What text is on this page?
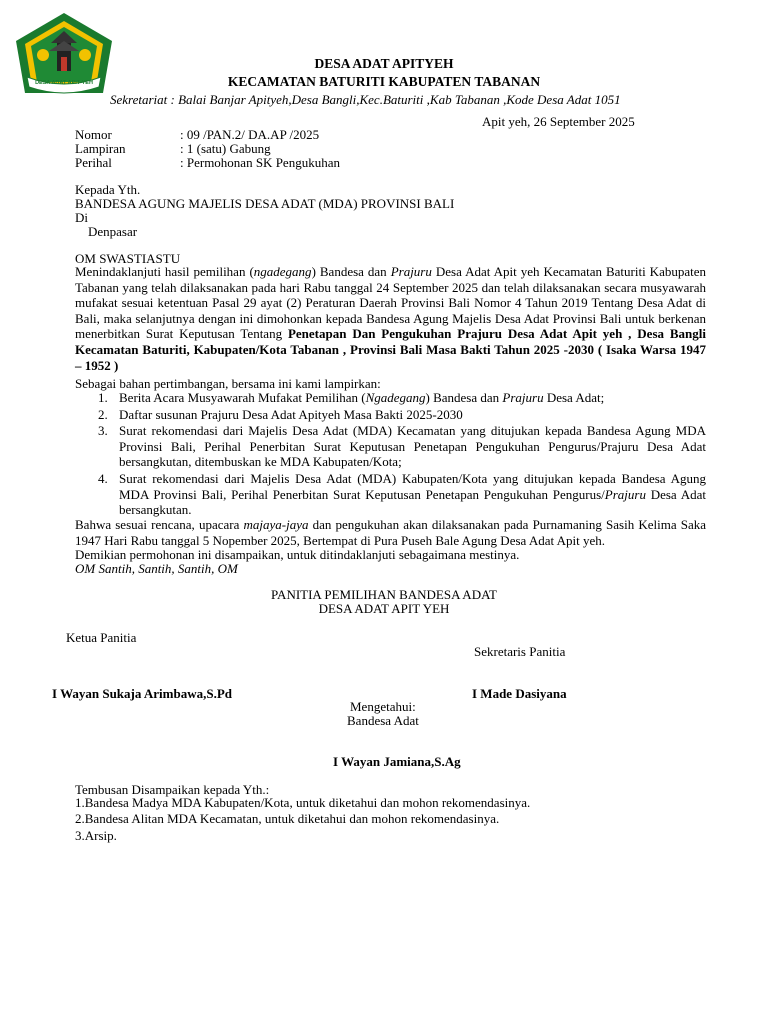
DESA ADAT APIT YEH
DESA ADAT APITYEH
KECAMATAN BATURITI KABUPATEN TABANAN
Sekretariat : Balai Banjar Apityeh,Desa Bangli,Kec.Baturiti ,Kab Tabanan ,Kode Desa Adat 1051
Apit yeh, 26 September 2025
Nomor	: 09 /PAN.2/ DA.AP /2025
Lampiran	: 1 (satu) Gabung
Perihal	: Permohonan SK Pengukuhan
Kepada Yth.
BANDESA AGUNG MAJELIS DESA ADAT (MDA) PROVINSI BALI
Di
Denpasar
OM SWASTIASTU

Menindaklanjuti hasil pemilihan (ngadegang) Bandesa dan Prajuru Desa Adat Apit yeh Kecamatan Baturiti Kabupaten Tabanan yang telah dilaksanakan pada hari Rabu tanggal 24 September 2025 dan telah dilaksanakan secara musyawarah mufakat sesuai ketentuan Pasal 29 ayat (2) Peraturan Daerah Provinsi Bali Nomor 4 Tahun 2019 Tentang Desa Adat di Bali, maka selanjutnya dengan ini dimohonkan kepada Bandesa Agung Majelis Desa Adat Provinsi Bali untuk berkenan menerbitkan Surat Keputusan Tentang Penetapan Dan Pengukuhan Prajuru Desa Adat Apit yeh , Desa Bangli Kecamatan Baturiti, Kabupaten/Kota Tabanan , Provinsi Bali Masa Bakti Tahun 2025 -2030 ( Isaka Warsa 1947 – 1952 )

Sebagai bahan pertimbangan, bersama ini kami lampirkan:
1. Berita Acara Musyawarah Mufakat Pemilihan (Ngadegang) Bandesa dan Prajuru Desa Adat;
2. Daftar susunan Prajuru Desa Adat Apityeh Masa Bakti 2025-2030
3. Surat rekomendasi dari Majelis Desa Adat (MDA) Kecamatan yang ditujukan kepada Bandesa Agung MDA Provinsi Bali, Perihal Penerbitan Surat Keputusan Penetapan Pengukuhan Pengurus/Prajuru Desa Adat bersangkutan, ditembuskan ke MDA Kabupaten/Kota;
4. Surat rekomendasi dari Majelis Desa Adat (MDA) Kabupaten/Kota yang ditujukan kepada Bandesa Agung MDA Provinsi Bali, Perihal Penerbitan Surat Keputusan Penetapan Pengukuhan Pengurus/Prajuru Desa Adat bersangkutan.

Bahwa sesuai rencana, upacara majaya-jaya dan pengukuhan akan dilaksanakan pada Purnamaning Sasih Kelima Saka 1947 Hari Rabu tanggal 5 Nopember 2025, Bertempat di Pura Puseh Bale Agung Desa Adat Apit yeh.

Demikian permohonan ini disampaikan, untuk ditindaklanjuti sebagaimana mestinya.
OM Santih, Santih, Santih, OM
PANITIA PEMILIHAN BANDESA ADAT
DESA ADAT APIT YEH
Ketua Panitia
Sekretaris Panitia
I Wayan Sukaja Arimbawa,S.Pd	I Made Dasiyana
Mengetahui:
Bandesa Adat
I Wayan Jamiana,S.Ag
Tembusan Disampaikan kepada Yth.:
1.Bandesa Madya MDA Kabupaten/Kota, untuk diketahui dan mohon rekomendasinya.
2.Bandesa Alitan MDA Kecamatan, untuk diketahui dan mohon rekomendasinya.
3.Arsip.
